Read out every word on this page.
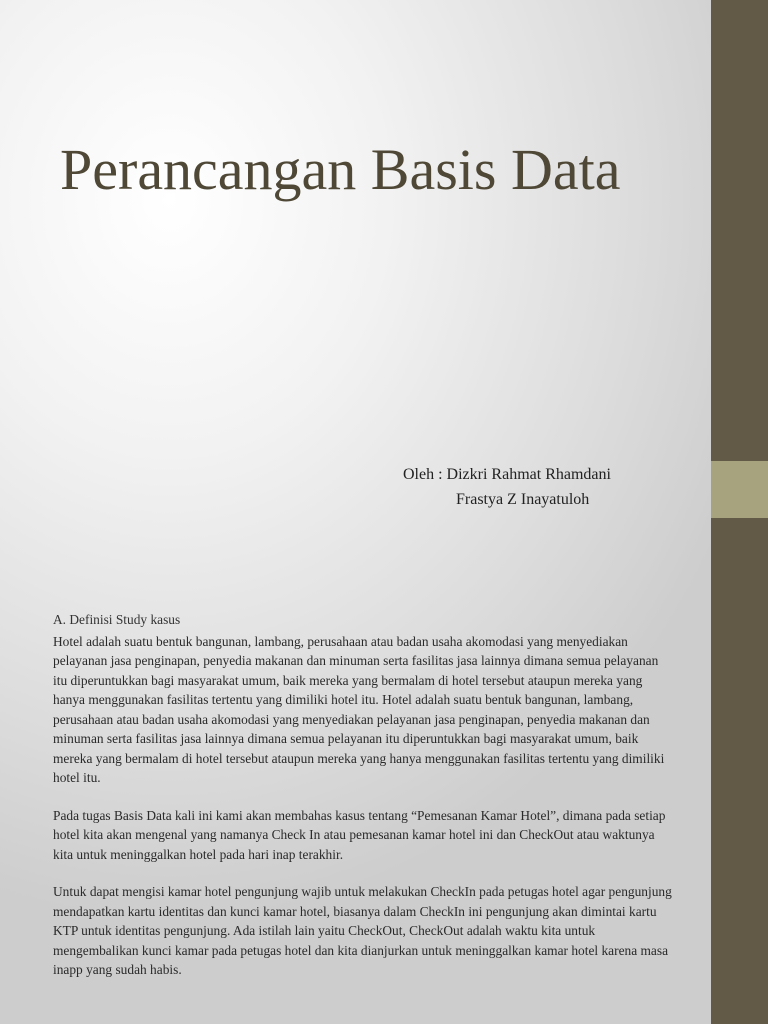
Perancangan Basis Data
Oleh : Dizkri Rahmat Rhamdani
Frastya Z Inayatuloh
A. Definisi Study kasus

Hotel adalah suatu bentuk bangunan, lambang, perusahaan atau badan usaha akomodasi yang menyediakan pelayanan jasa penginapan, penyedia makanan dan minuman serta fasilitas jasa lainnya dimana semua pelayanan itu diperuntukkan bagi masyarakat umum, baik mereka yang bermalam di hotel tersebut ataupun mereka yang hanya menggunakan fasilitas tertentu yang dimiliki hotel itu. Hotel adalah suatu bentuk bangunan, lambang, perusahaan atau badan usaha akomodasi yang menyediakan pelayanan jasa penginapan, penyedia makanan dan minuman serta fasilitas jasa lainnya dimana semua pelayanan itu diperuntukkan bagi masyarakat umum, baik mereka yang bermalam di hotel tersebut ataupun mereka yang hanya menggunakan fasilitas tertentu yang dimiliki hotel itu.

Pada tugas Basis Data kali ini kami akan membahas kasus tentang “Pemesanan Kamar Hotel”, dimana pada setiap hotel kita akan mengenal yang namanya Check In atau pemesanan kamar hotel ini dan CheckOut atau waktunya kita untuk meninggalkan hotel pada hari inap terakhir.

Untuk dapat mengisi kamar hotel pengunjung wajib untuk melakukan CheckIn pada petugas hotel agar pengunjung mendapatkan kartu identitas dan kunci kamar hotel, biasanya dalam CheckIn ini pengunjung akan dimintai kartu KTP untuk identitas pengunjung. Ada istilah lain yaitu CheckOut, CheckOut adalah waktu kita untuk mengembalikan kunci kamar pada petugas hotel dan kita dianjurkan untuk meninggalkan kamar hotel karena masa inapp yang sudah habis.
